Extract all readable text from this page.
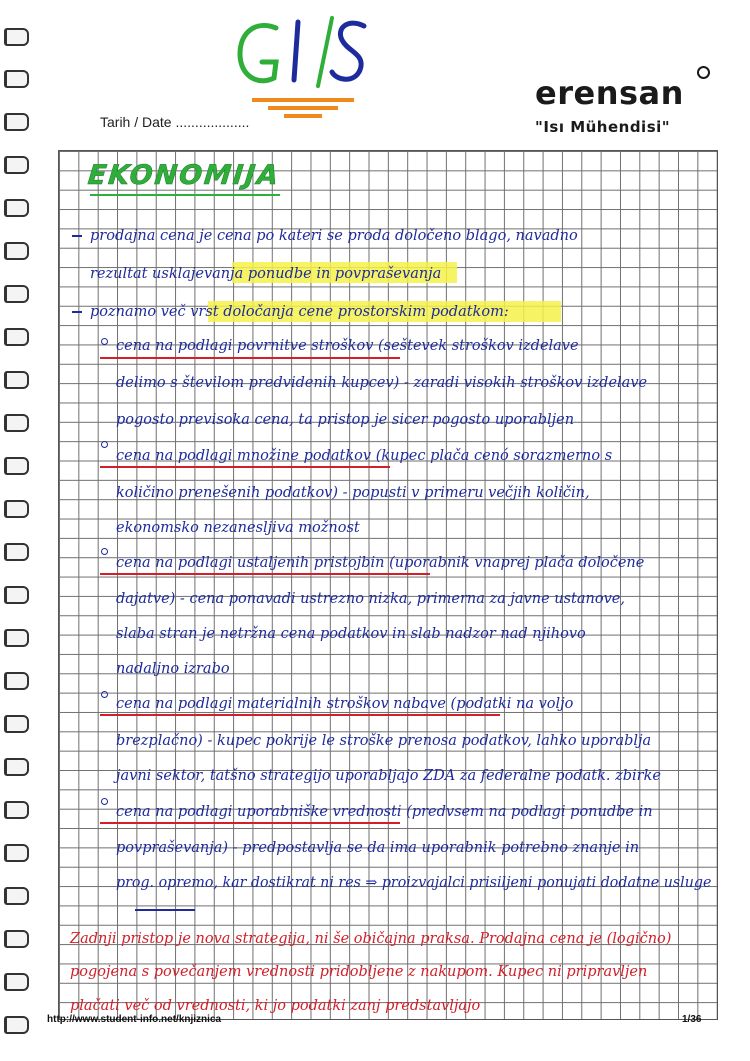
Tarih / Date ...................
erensan
"Isı Mühendisi"
EKONOMIJA
prodajna cena je cena po kateri se proda določeno blago, navadno
rezultat usklajevanja ponudbe in povpraševanja
poznamo več vrst določanja cene prostorskim podatkom:
cena na podlagi povrnitve stroškov (seštevek stroškov izdelave
delimo s številom predvidenih kupcev) - zaradi visokih stroškov izdelave
pogosto previsoka cena, ta pristop je sicer pogosto uporabljen
cena na podlagi množine podatkov (kupec plača cenó sorazmerno s
količino prenešenih podatkov) - popusti v primeru večjih količin,
ekonomsko nezanesljiva možnost
cena na podlagi ustaljenih pristojbin (uporabnik vnaprej plača določene
dajatve) - cena ponavadi ustrezno nizka, primerna za javne ustanove,
slaba stran je netržna cena podatkov in slab nadzor nad njihovo
nadaljno izrabo
cena na podlagi materialnih stroškov nabave (podatki na voljo
brezplačno) - kupec pokrije le stroške prenosa podatkov, lahko uporablja
javni sektor, tatšno strategijo uporabljajo ZDA za federalne podatk. zbirke
cena na podlagi uporabniške vrednosti (predvsem na podlagi ponudbe in
povpraševanja) - predpostavlja se da ima uporabnik potrebno znanje in
prog. opremo, kar dostikrat ni res ⇒ proizvajalci prisiljeni ponujati dodatne usluge
Zadnji pristop je nova strategija, ni še običajna praksa. Prodajna cena je (logično)
pogojena s povečanjem vrednosti pridobljene z nakupom. Kupec ni pripravljen
plačati več od vrednosti, ki jo podatki zanj predstavljajo
http://www.student-info.net/knjiznica	1/36
